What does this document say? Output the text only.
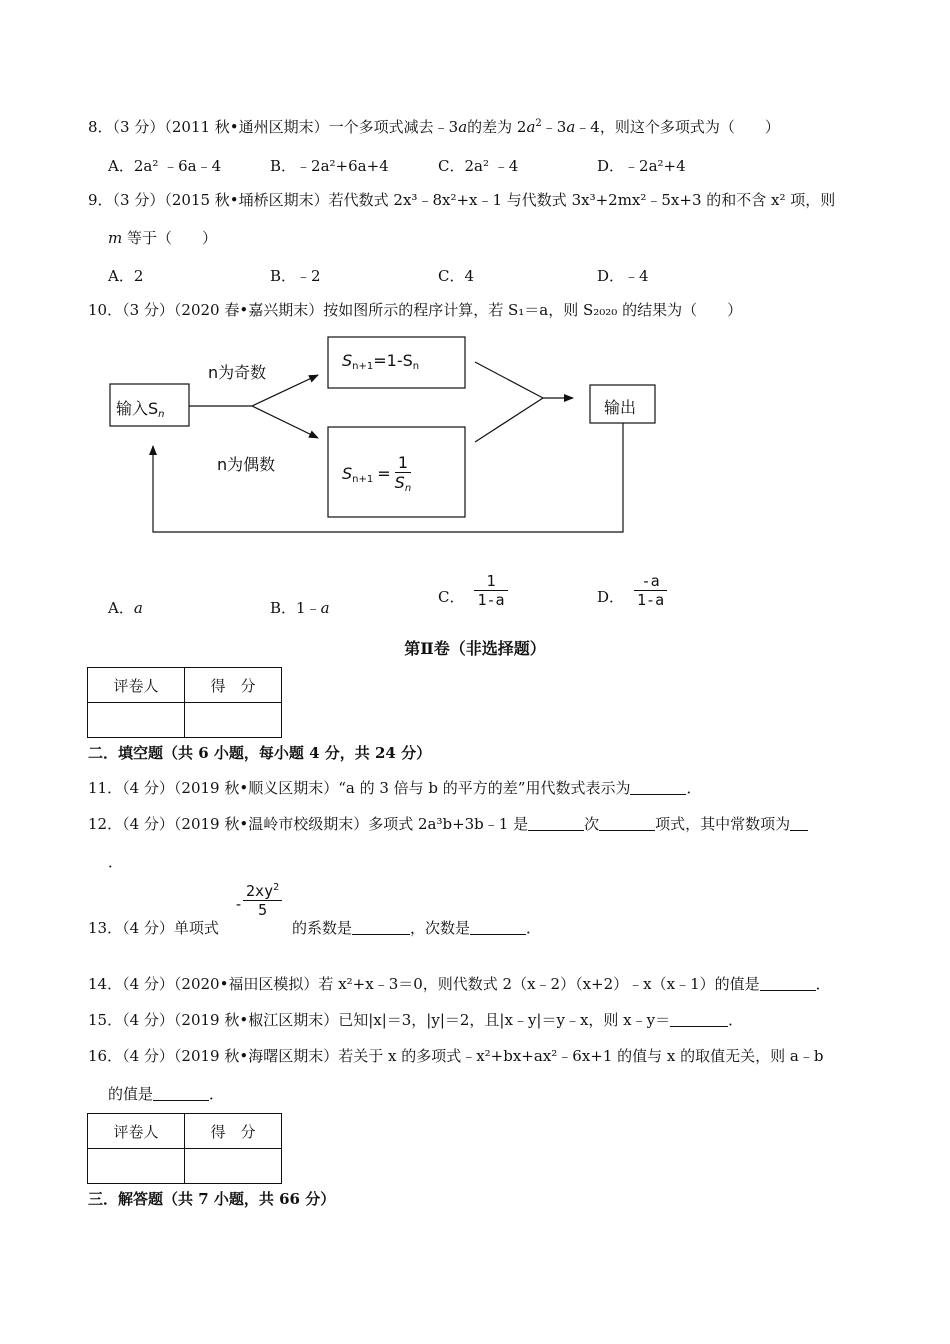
8．（3 分）（2011 秋•通州区期末）一个多项式减去﹣3a的差为 $2a^2﹣3a﹣4$，则这个多项式为（　　）
A．2a² ﹣6a﹣4	B．﹣2a²+6a+4	C．2a² ﹣4	D．﹣2a²+4
9．（3 分）（2015 秋•埇桥区期末）若代数式 2x³﹣8x²+x﹣1 与代数式 3x³+2mx²﹣5x+3 的和不含 x² 项，则
m 等于（　　）
A．2	B．﹣2	C．4	D．﹣4
10．（3 分）（2020 春•嘉兴期末）按如图所示的程序计算，若 S₁＝a，则 S₂₀₂₀ 的结果为（　　）
输入$S_n$
n为奇数
n为偶数
$S_{n+1}=1-S_n$
$S_{n+1} = \frac{1}{S_n}$
输出
A．a	B．1﹣a
C． $\frac{1}{1-a}$	D． $\frac{-a}{1-a}$
第Ⅱ卷（非选择题）
评卷人	得　分

二．填空题（共 6 小题，每小题 4 分，共 24 分）
11．（4 分）（2019 秋•顺义区期末）“a 的 3 倍与 b 的平方的差”用代数式表示为	．
12．（4 分）（2019 秋•温岭市校级期末）多项式 2a³b+3b﹣1 是	次	项式，其中常数项为
．
13．（4 分）单项式
- $\frac{2xy^2}{5}$
的系数是	，次数是	．
14．（4 分）（2020•福田区模拟）若 x²+x﹣3＝0，则代数式 2（x﹣2）（x+2）﹣x（x﹣1）的值是	．
15．（4 分）（2019 秋•椒江区期末）已知|x|＝3，|y|＝2，且|x﹣y|＝y﹣x，则 x﹣y＝	．
16．（4 分）（2019 秋•海曙区期末）若关于 x 的多项式﹣x²+bx+ax²﹣6x+1 的值与 x 的取值无关，则 a﹣b
的值是	．
评卷人	得　分

三．解答题（共 7 小题，共 66 分）
